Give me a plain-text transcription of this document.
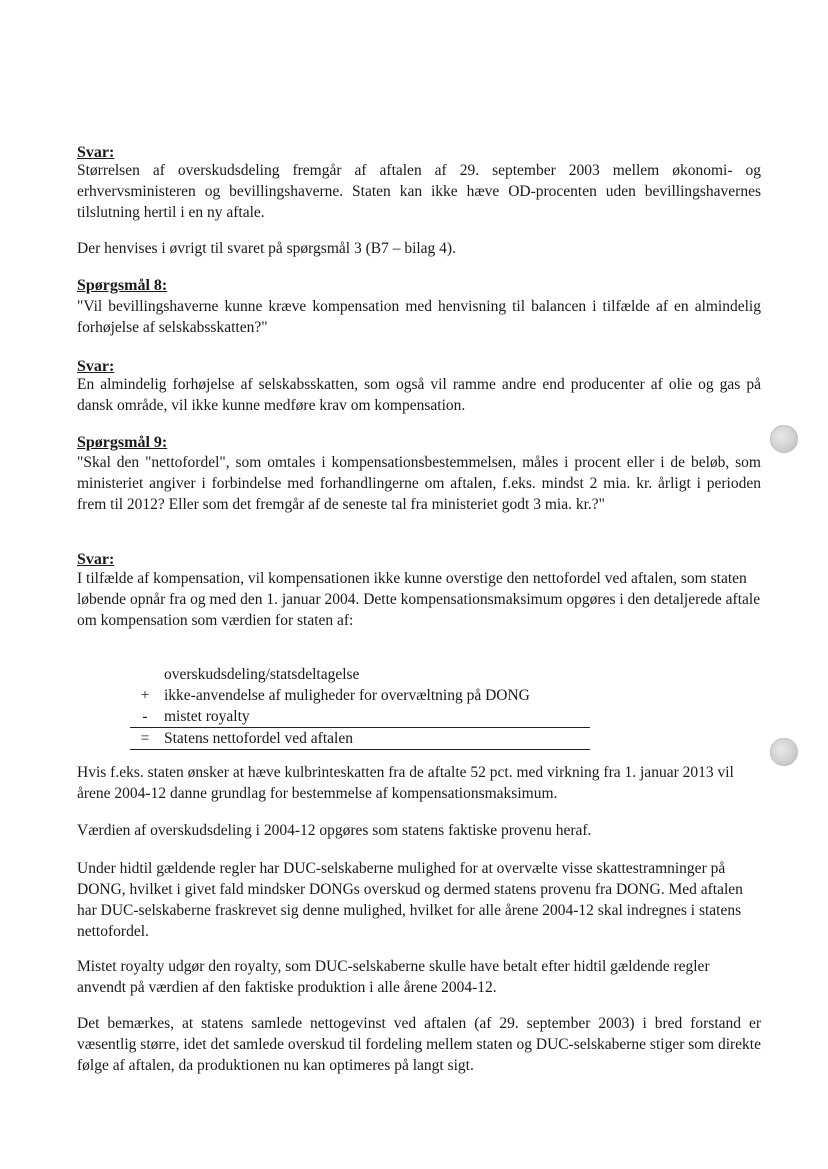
Svar:

Størrelsen af overskudsdeling fremgår af aftalen af 29. september 2003 mellem økonomi- og erhvervsministeren og bevillingshaverne. Staten kan ikke hæve OD-procenten uden bevillingshavernes tilslutning hertil i en ny aftale.

Der henvises i øvrigt til svaret på spørgsmål 3 (B7 – bilag 4).

Spørgsmål 8:

"Vil bevillingshaverne kunne kræve kompensation med henvisning til balancen i tilfælde af en almindelig forhøjelse af selskabsskatten?"

Svar:

En almindelig forhøjelse af selskabsskatten, som også vil ramme andre end producenter af olie og gas på dansk område, vil ikke kunne medføre krav om kompensation.

Spørgsmål 9:

"Skal den "nettofordel", som omtales i kompensationsbestemmelsen, måles i procent eller i de beløb, som ministeriet angiver i forbindelse med forhandlingerne om aftalen, f.eks. mindst 2 mia. kr. årligt i perioden frem til 2012? Eller som det fremgår af de seneste tal fra ministeriet godt 3 mia. kr.?"

Svar:

I tilfælde af kompensation, vil kompensationen ikke kunne overstige den nettofordel ved aftalen, som staten løbende opnår fra og med den 1. januar 2004. Dette kompensationsmaksimum opgøres i den detaljerede aftale om kompensation som værdien for staten af:

overskudsdeling/statsdeltagelse
+ ikke-anvendelse af muligheder for overvæltning på DONG
- mistet royalty
= Statens nettofordel ved aftalen

Hvis f.eks. staten ønsker at hæve kulbrinteskatten fra de aftalte 52 pct. med virkning fra 1. januar 2013 vil årene 2004-12 danne grundlag for bestemmelse af kompensationsmaksimum.

Værdien af overskudsdeling i 2004-12 opgøres som statens faktiske provenu heraf.

Under hidtil gældende regler har DUC-selskaberne mulighed for at overvælte visse skattestramninger på DONG, hvilket i givet fald mindsker DONGs overskud og dermed statens provenu fra DONG. Med aftalen har DUC-selskaberne fraskrevet sig denne mulighed, hvilket for alle årene 2004-12 skal indregnes i statens nettofordel.

Mistet royalty udgør den royalty, som DUC-selskaberne skulle have betalt efter hidtil gældende regler anvendt på værdien af den faktiske produktion i alle årene 2004-12.

Det bemærkes, at statens samlede nettogevinst ved aftalen (af 29. september 2003) i bred forstand er væsentlig større, idet det samlede overskud til fordeling mellem staten og DUC-selskaberne stiger som direkte følge af aftalen, da produktionen nu kan optimeres på langt sigt.
